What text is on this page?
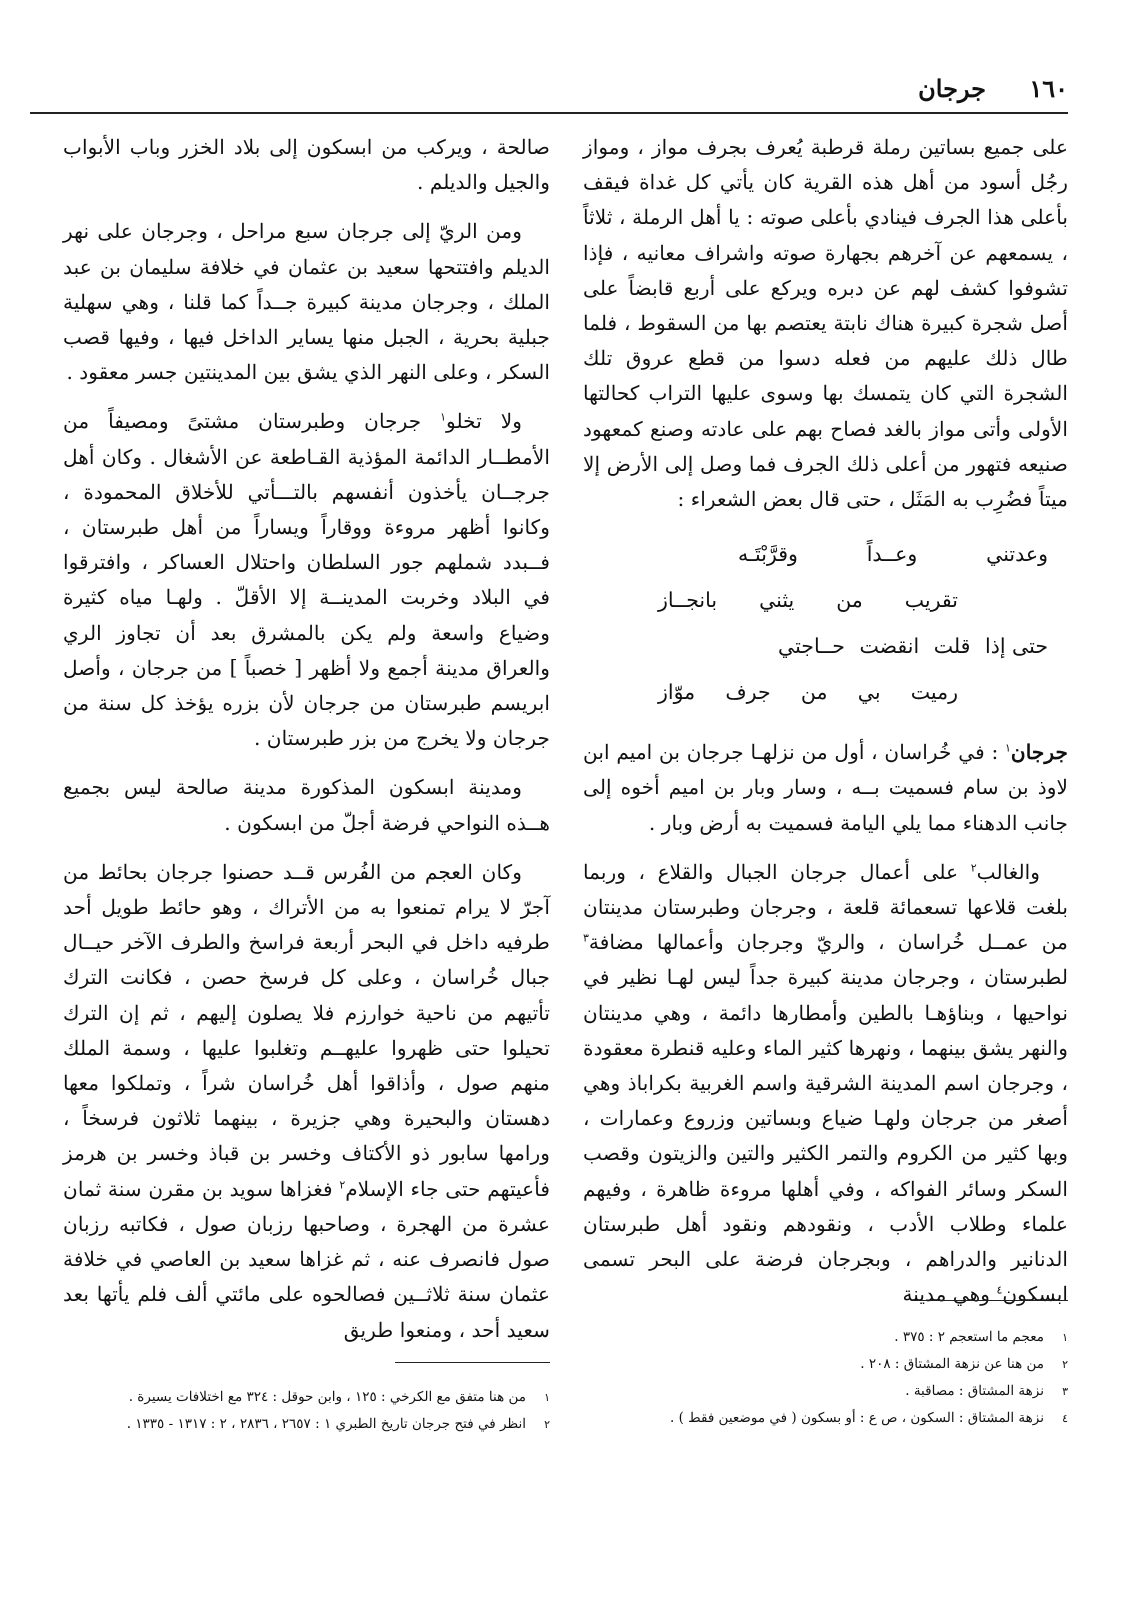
١٦٠
جرجان

على جميع بساتين رملة قرطبة يُعرف بجرف مواز ، ومواز رجُل أسود من أهل هذه القرية كان يأتي كل غداة فيقف بأعلى هذا الجرف فينادي بأعلى صوته : يا أهل الرملة ، ثلاثاً ، يسمعهم عن آخرهم بجهارة صوته واشراف معانيه ، فإذا تشوفوا كشف لهم عن دبره ويركع على أربع قابضاً على أصل شجرة كبيرة هناك نابتة يعتصم بها من السقوط ، فلما طال ذلك عليهم من فعله دسوا من قطع عروق تلك الشجرة التي كان يتمسك بها وسوى عليها التراب كحالتها الأولى وأتى مواز بالغد فصاح بهم على عادته وصنع كمعهود صنيعه فتهور من أعلى ذلك الجرف فما وصل إلى الأرض إلا ميتاً فضُرِب به المَثَل ، حتى قال بعض الشعراء :

وعدتني
وعــداً
وقرَّبْتَـه
تقريب
من
يثني
بانجــاز
حتى إذا
قلت
انقضت
حــاجتي
رميت
بي
من
جرف
موّاز

جرجان$^١$ : في خُراسان ، أول من نزلهـا جرجان بن اميم ابن لاوذ بن سام فسميت بــه ، وسار وبار بن اميم أخوه إلى جانب الدهناء مما يلي اليامة فسميت به أرض وبار .

والغالب$^٢$ على أعمال جرجان الجبال والقلاع ، وربما بلغت قلاعها تسعمائة قلعة ، وجرجان وطبرستان مدينتان من عمــل خُراسان ، والريّ وجرجان وأعمالها مضافة$^٣$ لطبرستان ، وجرجان مدينة كبيرة جداً ليس لهـا نظير في نواحيها ، وبناؤهـا بالطين وأمطارها دائمة ، وهي مدينتان والنهر يشق بينهما ، ونهرها كثير الماء وعليه قنطرة معقودة ، وجرجان اسم المدينة الشرقية واسم الغربية بكراباذ وهي أصغر من جرجان ولهـا ضياع وبساتين وزروع وعمارات ، وبها كثير من الكروم والتمر الكثير والتين والزيتون وقصب السكر وسائر الفواكه ، وفي أهلها مروءة ظاهرة ، وفيهم علماء وطلاب الأدب ، ونقودهم ونقود أهل طبرستان الدنانير والدراهم ، وبجرجان فرضة على البحر تسمى ابسكون$^٤$ وهي مدينة

صالحة ، ويركب من ابسكون إلى بلاد الخزر وباب الأبواب والجيل والديلم .

ومن الريّ إلى جرجان سبع مراحل ، وجرجان على نهر الديلم وافتتحها سعيد بن عثمان في خلافة سليمان بن عبد الملك ، وجرجان مدينة كبيرة جــداً كما قلنا ، وهي سهلية جبلية بحرية ، الجبل منها يساير الداخل فيها ، وفيها قصب السكر ، وعلى النهر الذي يشق بين المدينتين جسر معقود .

ولا تخلو$^١$ جرجان وطبرستان مشتىً ومصيفاً من الأمطــار الدائمة المؤذية القـاطعة عن الأشغال . وكان أهل جرجــان يأخذون أنفسهم بالتـــأتي للأخلاق المحمودة ، وكانوا أظهر مروءة ووقاراً ويساراً من أهل طبرستان ، فــبدد شملهم جور السلطان واحتلال العساكر ، وافترقوا في البلاد وخربت المدينــة إلا الأقلّ . ولهـا مياه كثيرة وضياع واسعة ولم يكن بالمشرق بعد أن تجاوز الري والعراق مدينة أجمع ولا أظهر [ خصباً ] من جرجان ، وأصل ابريسم طبرستان من جرجان لأن بزره يؤخذ كل سنة من جرجان ولا يخرج من بزر طبرستان .

ومدينة ابسكون المذكورة مدينة صالحة ليس بجميع هــذه النواحي فرضة أجلّ من ابسكون .

وكان العجم من الفُرس قــد حصنوا جرجان بحائط من آجرّ لا يرام تمنعوا به من الأتراك ، وهو حائط طويل أحد طرفيه داخل في البحر أربعة فراسخ والطرف الآخر حيــال جبال خُراسان ، وعلى كل فرسخ حصن ، فكانت الترك تأتيهم من ناحية خوارزم فلا يصلون إليهم ، ثم إن الترك تحيلوا حتى ظهروا عليهــم وتغلبوا عليها ، وسمة الملك منهم صول ، وأذاقوا أهل خُراسان شراً ، وتملكوا معها دهستان والبحيرة وهي جزيرة ، بينهما ثلاثون فرسخاً ، ورامها سابور ذو الأكتاف وخسر بن قباذ وخسر بن هرمز فأعيتهم حتى جاء الإسلام$^٢$ فغزاها سويد بن مقرن سنة ثمان عشرة من الهجرة ، وصاحبها رزبان صول ، فكاتبه رزبان صول فانصرف عنه ، ثم غزاها سعيد بن العاصي في خلافة عثمان سنة ثلاثــين فصالحوه على مائتي ألف فلم يأتها بعد سعيد أحد ، ومنعوا طريق	١
معجم ما استعجم ٢ : ٣٧٥ .
٢
من هنا عن نزهة المشتاق : ٢٠٨ .
٣
نزهة المشتاق : مصاقبة .
٤
نزهة المشتاق : السكون ، ص ع : أو بسكون ( في موضعين فقط ) .
١
من هنا متفق مع الكرخي : ١٢٥ ، وابن حوقل : ٣٢٤ مع اختلافات يسيرة .
٢
انظر في فتح جرجان تاريخ الطبري ١ : ٢٦٥٧ ، ٢٨٣٦ ، ٢ : ١٣١٧ - ١٣٣٥ .
